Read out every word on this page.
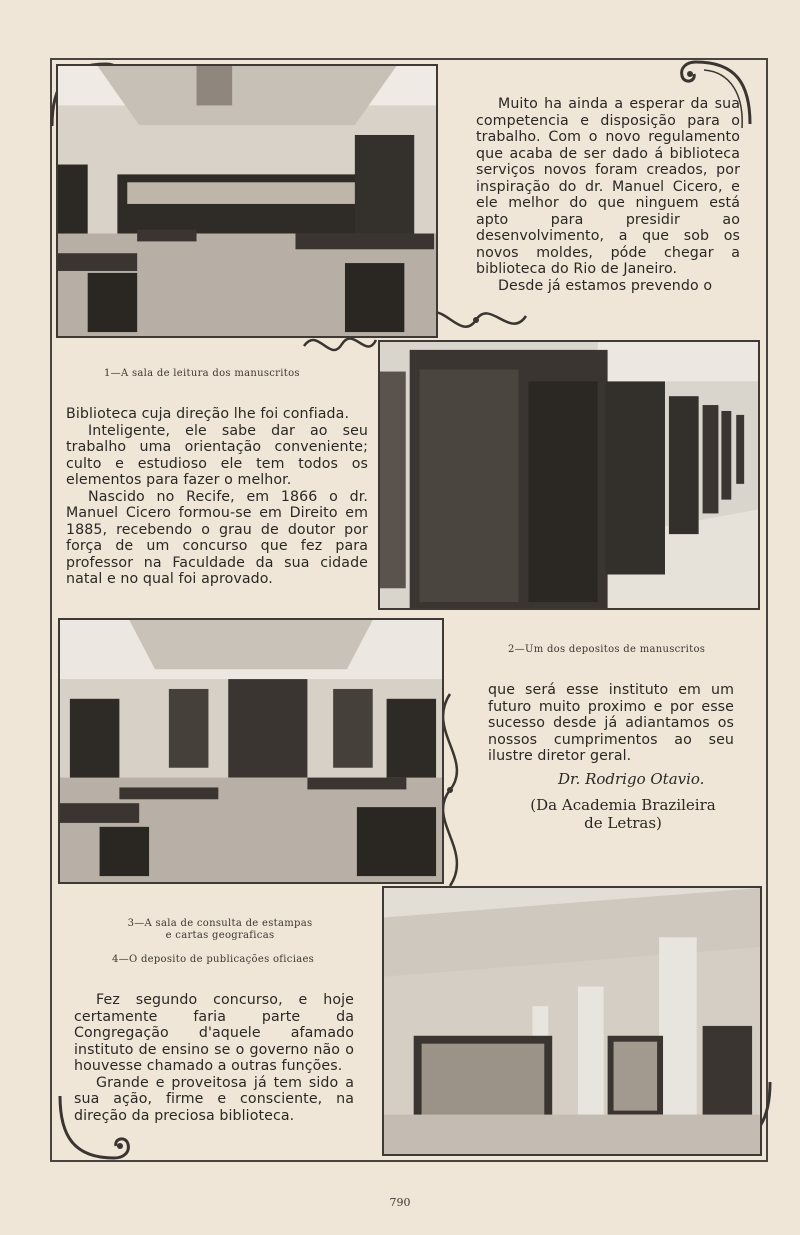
1—A sala de leitura dos manuscritos

Muito ha ainda a esperar da sua competencia e disposição para o trabalho. Com o novo regulamento que acaba de ser dado á biblioteca serviços novos foram creados, por inspiração do dr. Manuel Cicero, e ele melhor do que ninguem está apto para presidir ao desenvolvimento, a que sob os novos moldes, póde chegar a biblioteca do Rio de Janeiro.

Desde já estamos prevendo o

Biblioteca cuja direção lhe foi confiada.

Inteligente, ele sabe dar ao seu trabalho uma orientação conveniente; culto e estudioso ele tem todos os elementos para fazer o melhor.

Nascido no Recife, em 1866 o dr. Manuel Cicero formou-se em Direito em 1885, recebendo o grau de doutor por força de um concurso que fez para professor na Faculdade da sua cidade natal e no qual foi aprovado.

2—Um dos depositos de manuscritos

que será esse instituto em um futuro muito proximo e por esse sucesso desde já adiantamos os nossos cumprimentos ao seu ilustre diretor geral.

Dr. Rodrigo Otavio.
(Da Academia Brazileira
de Letras)
3—A sala de consulta de estampas
e cartas geograficas
4—O deposito de publicações oficiaes

Fez segundo concurso, e hoje certamente faria parte da Congregação d'aquele afamado instituto de ensino se o governo não o houvesse chamado a outras funções.

Grande e proveitosa já tem sido a sua ação, firme e consciente, na direção da preciosa biblioteca.

790
